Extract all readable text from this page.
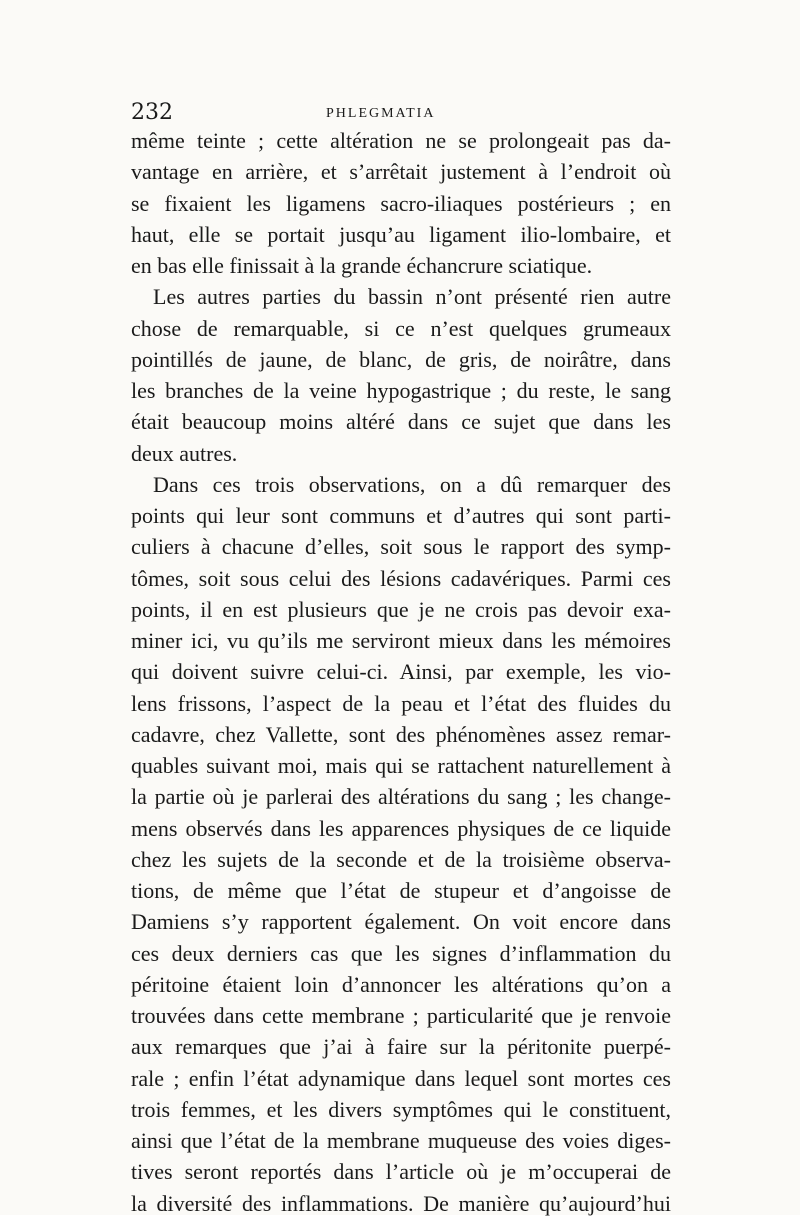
232	PHLEGMATIA
même teinte ; cette altération ne se prolongeait pas da-
vantage en arrière, et s’arrêtait justement à l’endroit où
se fixaient les ligamens sacro-iliaques postérieurs ; en
haut, elle se portait jusqu’au ligament ilio-lombaire, et
en bas elle finissait à la grande échancrure sciatique.
Les autres parties du bassin n’ont présenté rien autre
chose de remarquable, si ce n’est quelques grumeaux
pointillés de jaune, de blanc, de gris, de noirâtre, dans
les branches de la veine hypogastrique ; du reste, le sang
était beaucoup moins altéré dans ce sujet que dans les
deux autres.
Dans ces trois observations, on a dû remarquer des
points qui leur sont communs et d’autres qui sont parti-
culiers à chacune d’elles, soit sous le rapport des symp-
tômes, soit sous celui des lésions cadavériques. Parmi ces
points, il en est plusieurs que je ne crois pas devoir exa-
miner ici, vu qu’ils me serviront mieux dans les mémoires
qui doivent suivre celui-ci. Ainsi, par exemple, les vio-
lens frissons, l’aspect de la peau et l’état des fluides du
cadavre, chez Vallette, sont des phénomènes assez remar-
quables suivant moi, mais qui se rattachent naturellement à
la partie où je parlerai des altérations du sang ; les change-
mens observés dans les apparences physiques de ce liquide
chez les sujets de la seconde et de la troisième observa-
tions, de même que l’état de stupeur et d’angoisse de
Damiens s’y rapportent également. On voit encore dans
ces deux derniers cas que les signes d’inflammation du
péritoine étaient loin d’annoncer les altérations qu’on a
trouvées dans cette membrane ; particularité que je renvoie
aux remarques que j’ai à faire sur la péritonite puerpé-
rale ; enfin l’état adynamique dans lequel sont mortes ces
trois femmes, et les divers symptômes qui le constituent,
ainsi que l’état de la membrane muqueuse des voies diges-
tives seront reportés dans l’article où je m’occuperai de
la diversité des inflammations. De manière qu’aujourd’hui
